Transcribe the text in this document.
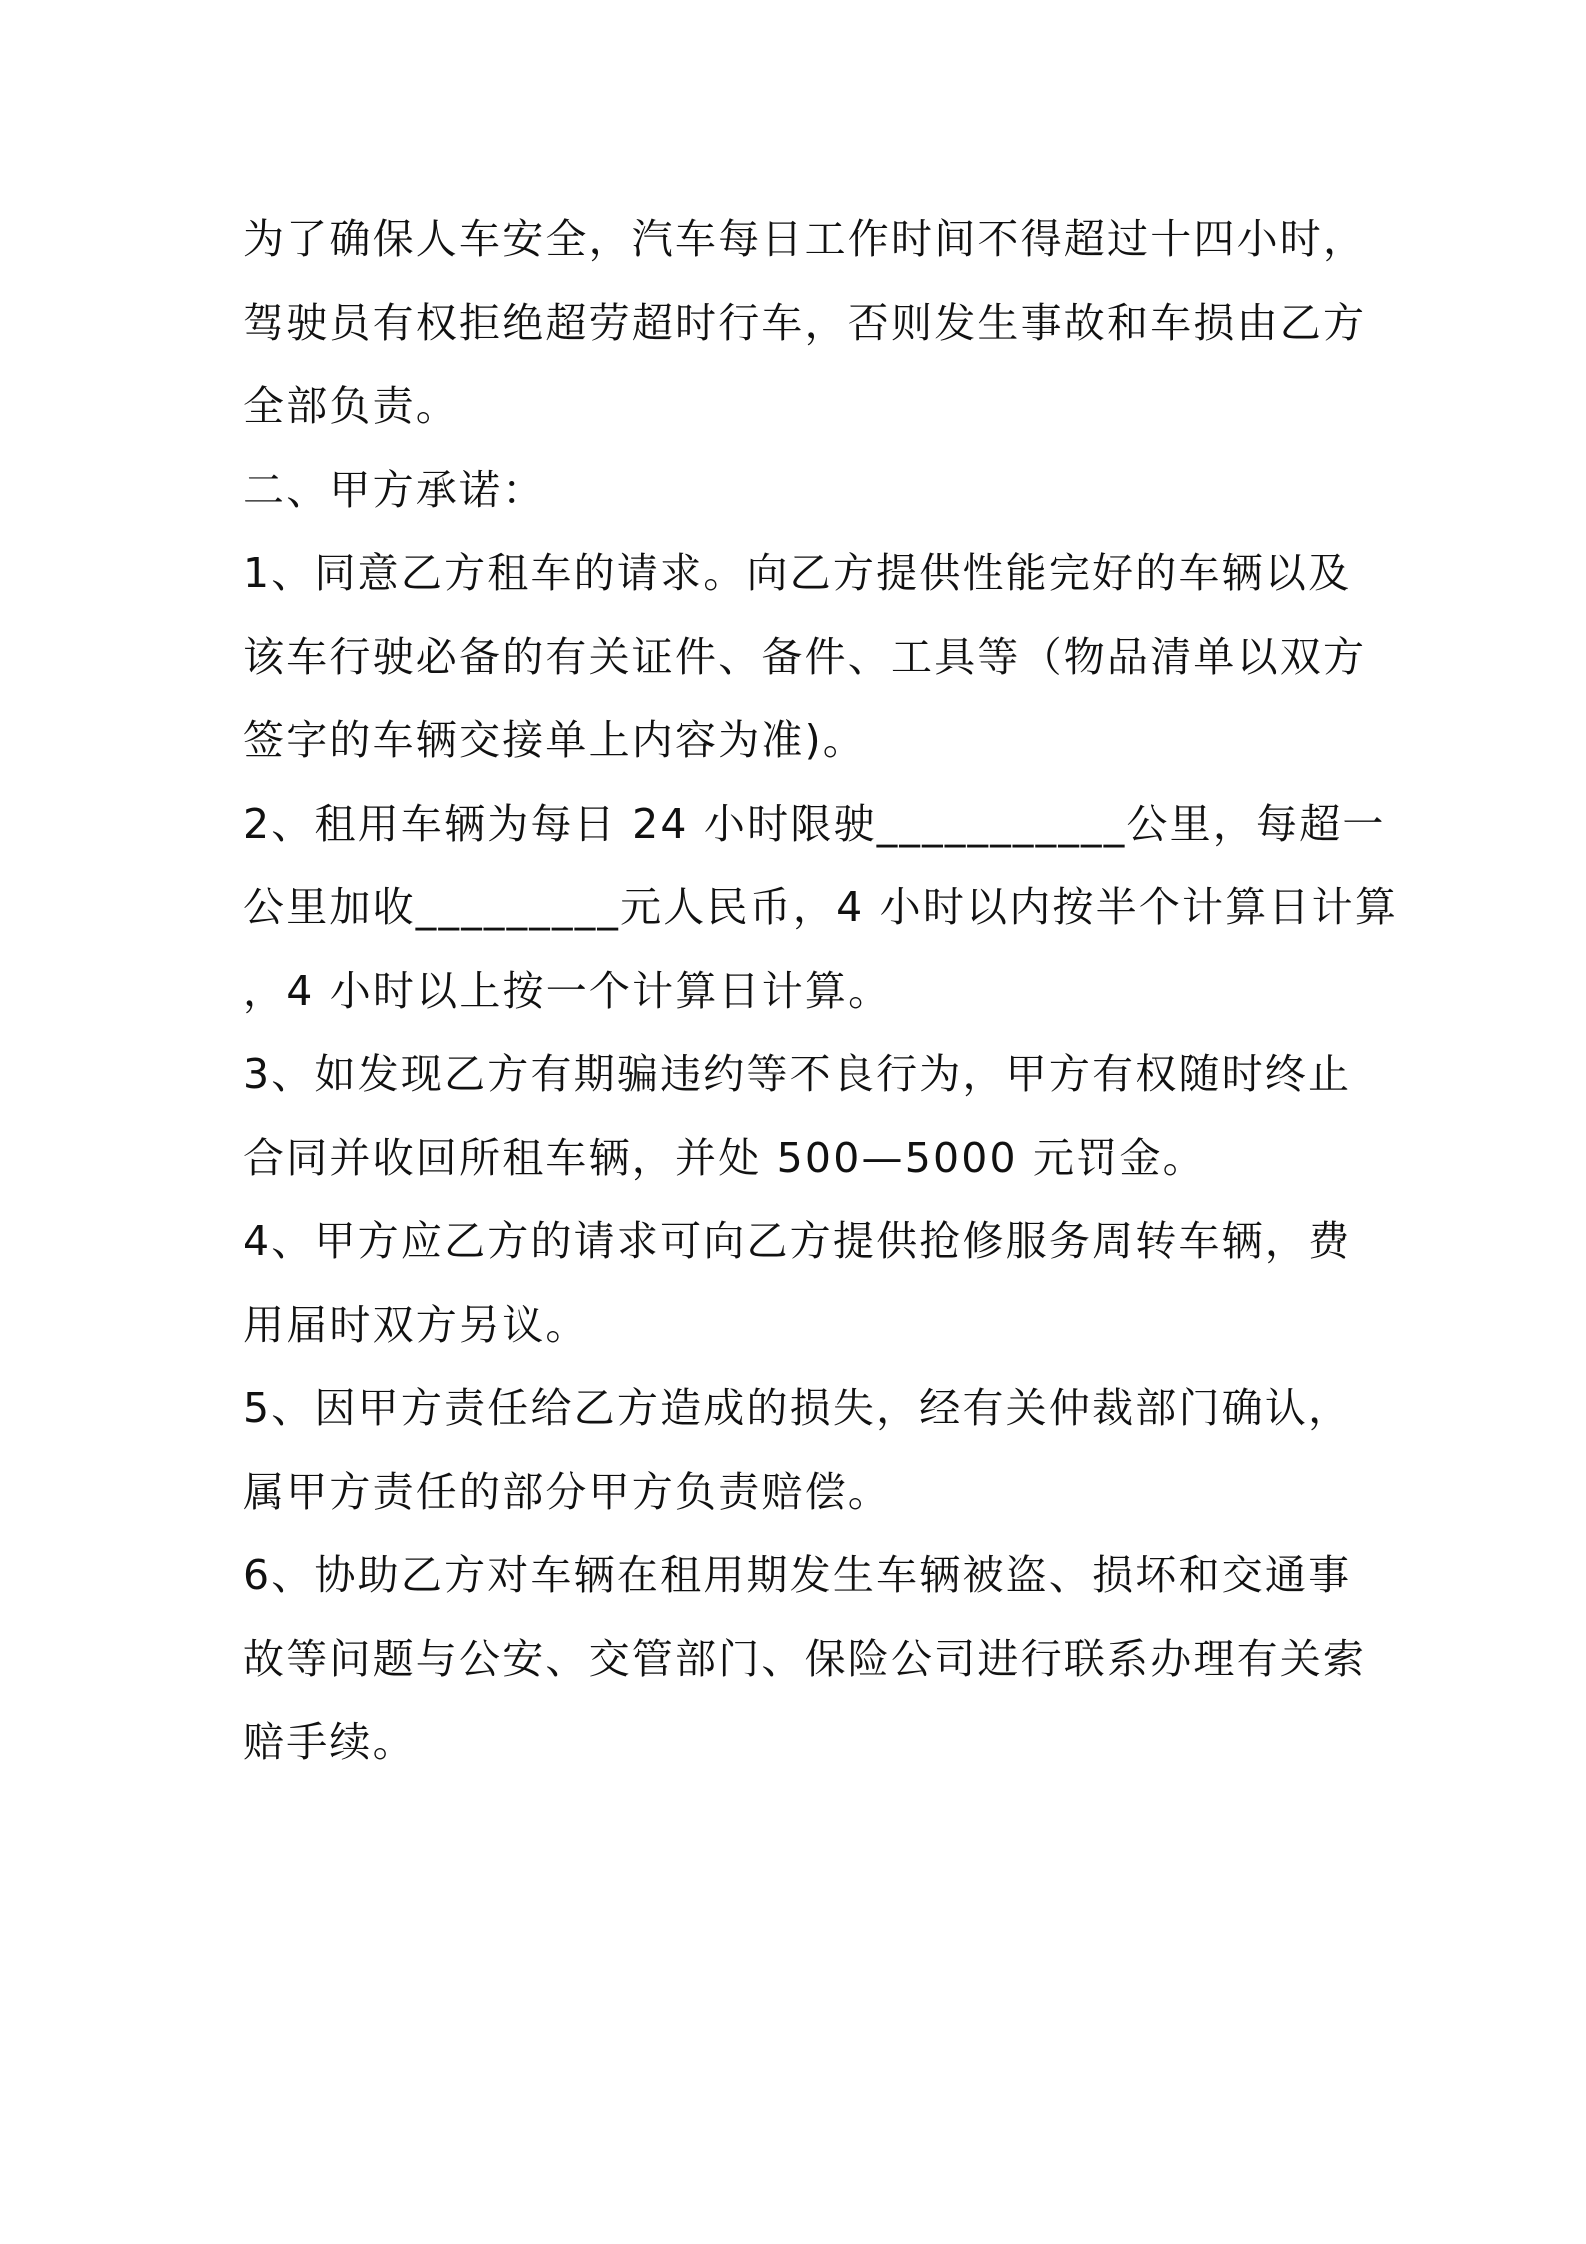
为了确保人车安全，汽车每日工作时间不得超过十四小时，
驾驶员有权拒绝超劳超时行车，否则发生事故和车损由乙方
全部负责。
二、甲方承诺：
1、同意乙方租车的请求。向乙方提供性能完好的车辆以及
该车行驶必备的有关证件、备件、工具等（物品清单以双方
签字的车辆交接单上内容为准)。
2、租用车辆为每日 24 小时限驶___________公里，每超一
公里加收_________元人民币，4 小时以内按半个计算日计算
，4 小时以上按一个计算日计算。
3、如发现乙方有期骗违约等不良行为，甲方有权随时终止
合同并收回所租车辆，并处 500—5000 元罚金。
4、甲方应乙方的请求可向乙方提供抢修服务周转车辆，费
用届时双方另议。
5、因甲方责任给乙方造成的损失，经有关仲裁部门确认，
属甲方责任的部分甲方负责赔偿。
6、协助乙方对车辆在租用期发生车辆被盗、损坏和交通事
故等问题与公安、交管部门、保险公司进行联系办理有关索
赔手续。
